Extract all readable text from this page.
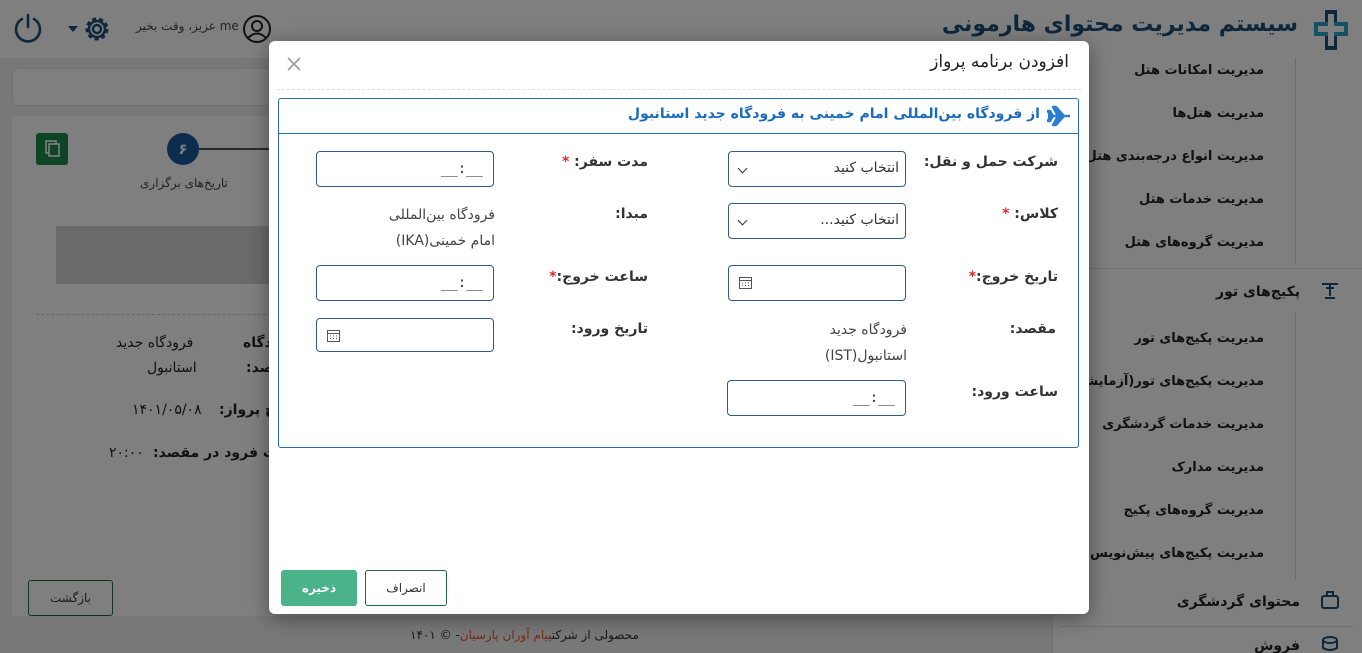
افزودن برنامه پرواز
از فرودگاه بین‌المللی امام خمینی به فرودگاه جدید استانبول
شرکت حمل و نقل:
انتخاب کنید
مدت سفر: *
__:__
کلاس: *
انتخاب کنید...
مبدا:
فرودگاه بین‌المللی امام خمینی(IKA)
تاریخ خروج:*
ساعت خروج:*
__:__
مقصد:
فرودگاه جدید استانبول(IST)
تاریخ ورود:
ساعت ورود:
__:__
ذخیره	انصراف
